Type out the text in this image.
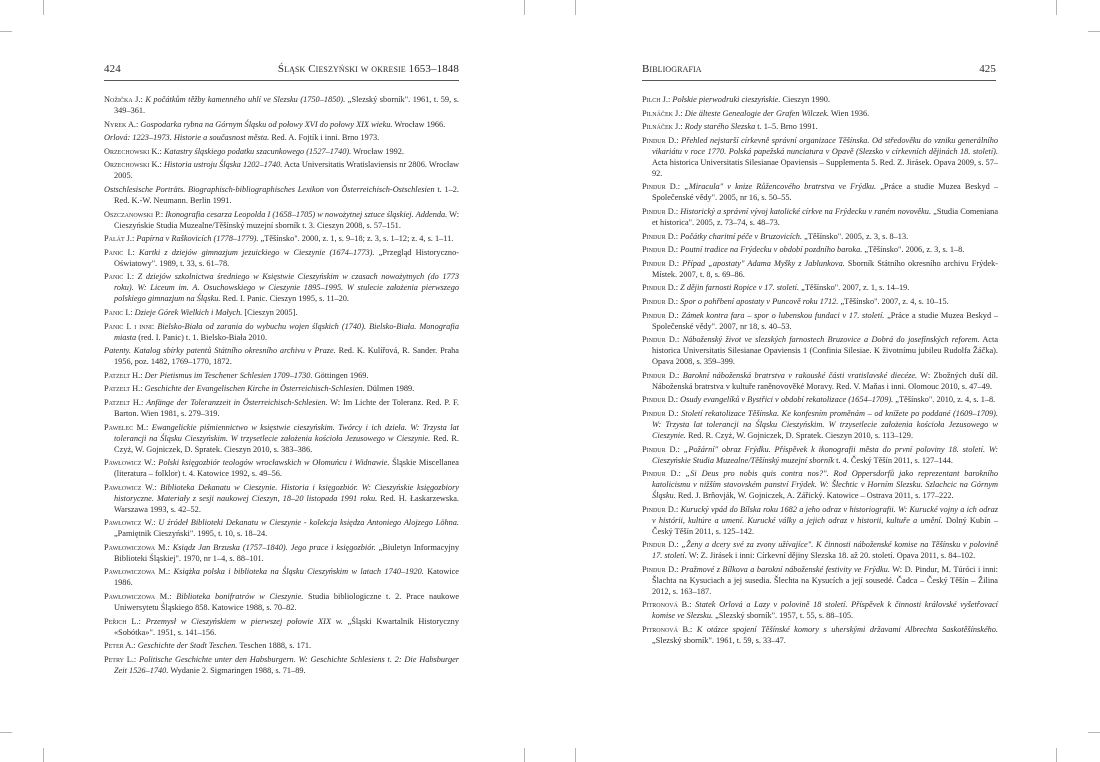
424	Śląsk Cieszyński w okresie 1653–1848

Nožička J.: K počátkům těžby kamenného uhlí ve Slezsku (1750–1850). „Slezský sborník". 1961, t. 59, s. 349–361.

Nyrek A.: Gospodarka rybna na Górnym Śląsku od połowy XVI do połowy XIX wieku. Wrocław 1966.

Orlová: 1223–1973. Historie a současnost města. Red. A. Fojtík i inni. Brno 1973.

Orzechowski K.: Katastry śląskiego podatku szacunkowego (1527–1740). Wrocław 1992.

Orzechowski K.: Historia ustroju Śląska 1202–1740. Acta Universitatis Wratislaviensis nr 2806. Wrocław 2005.

Ostschlesische Porträts. Biographisch-bibliographisches Lexikon von Österreichisch-Ostschlesien t. 1–2. Red. K.-W. Neumann. Berlin 1991.

Oszczanowski P.: Ikonografia cesarza Leopolda I (1658–1705) w nowożytnej sztuce śląskiej. Addenda. W: Cieszyńskie Studia Muzealne/Těšínský muzejní sborník t. 3. Cieszyn 2008, s. 57–151.

Palát J.: Papírna v Raškovicích (1778–1779). „Těšínsko". 2000, z. 1, s. 9–18; z. 3, s. 1–12; z. 4, s. 1–11.

Panic I.: Kartki z dziejów gimnazjum jezuickiego w Cieszynie (1674–1773). „Przegląd Historyczno-Oświatowy". 1989, t. 33, s. 61–78.

Panic I.: Z dziejów szkolnictwa średniego w Księstwie Cieszyńskim w czasach nowożytnych (do 1773 roku). W: Liceum im. A. Osuchowskiego w Cieszynie 1895–1995. W stulecie założenia pierwszego polskiego gimnazjum na Śląsku. Red. I. Panic. Cieszyn 1995, s. 11–20.

Panic I.: Dzieje Górek Wielkich i Małych. [Cieszyn 2005].

Panic I. i inni: Bielsko-Biała od zarania do wybuchu wojen śląskich (1740). Bielsko-Biała. Monografia miasta (red. I. Panic) t. 1. Bielsko-Biała 2010.

Patenty. Katalog sbírky patentů Státního okresního archivu v Praze. Red. K. Kulířová, R. Sander. Praha 1956, poz. 1482, 1769–1770, 1872.

Patzelt H.: Der Pietismus im Teschener Schlesien 1709–1730. Göttingen 1969.

Patzelt H.: Geschichte der Evangelischen Kirche in Österreichisch-Schlesien. Dülmen 1989.

Patzelt H.: Anfänge der Toleranzzeit in Österreichisch-Schlesien. W: Im Lichte der Toleranz. Red. P. F. Barton. Wien 1981, s. 279–319.

Pawelec M.: Ewangelickie piśmiennictwo w księstwie cieszyńskim. Twórcy i ich dzieła. W: Trzysta lat tolerancji na Śląsku Cieszyńskim. W trzysetlecie założenia kościoła Jezusowego w Cieszynie. Red. R. Czyż, W. Gojniczek, D. Spratek. Cieszyn 2010, s. 383–386.

Pawłowicz W.: Polski księgozbiór teologów wrocławskich w Ołomuńcu i Widnawie. Śląskie Miscellanea (literatura – folklor) t. 4. Katowice 1992, s. 49–56.

Pawłowicz W.: Biblioteka Dekanatu w Cieszynie. Historia i księgozbiór. W: Cieszyńskie księgozbiory historyczne. Materiały z sesji naukowej Cieszyn, 18–20 listopada 1991 roku. Red. H. Łaskarzewska. Warszawa 1993, s. 42–52.

Pawłowicz W.: U źródeł Biblioteki Dekanatu w Cieszynie - kolekcja księdza Antoniego Alojzego Löhna. „Pamiętnik Cieszyński". 1995, t. 10, s. 18–24.

Pawłowiczowa M.: Ksiądz Jan Brzuska (1757–1840). Jego prace i księgozbiór. „Biuletyn Informacyjny Biblioteki Śląskiej". 1970, nr 1–4, s. 88–101.

Pawłowiczowa M.: Książka polska i biblioteka na Śląsku Cieszyńskim w latach 1740–1920. Katowice 1986.

Pawłowiczowa M.: Biblioteka bonifratrów w Cieszynie. Studia bibliologiczne t. 2. Prace naukowe Uniwersytetu Śląskiego 858. Katowice 1988, s. 70–82.

Peřich L.: Przemysł w Cieszyńskiem w pierwszej połowie XIX w. „Śląski Kwartalnik Historyczny «Sobótka»". 1951, s. 141–156.

Peter A.: Geschichte der Stadt Teschen. Teschen 1888, s. 171.

Petry L.: Politische Geschichte unter den Habsburgern. W: Geschichte Schlesiens t. 2: Die Habsburger Zeit 1526–1740. Wydanie 2. Sigmaringen 1988, s. 71–89.

Bibliografia	425

Pilch J.: Polskie pierwodruki cieszyńskie. Cieszyn 1990.

Pilnáček J.: Die älteste Genealogie der Grafen Wilczek. Wien 1936.

Pilnáček J.: Rody starého Slezska t. 1–5. Brno 1991.

Pindur D.: Přehled nejstarší církevně správní organizace Těšínska. Od středověku do vzniku generálního vikariátu v roce 1770. Polská papežská nunciatura v Opavě (Slezsko v církevních dějinách 18. století). Acta historica Universitatis Silesianae Opaviensis – Supplementa 5. Red. Z. Jirásek. Opava 2009, s. 57–92.

Pindur D.: „Miracula" v knize Růžencového bratrstva ve Frýdku. „Práce a studie Muzea Beskyd – Společenské vědy". 2005, nr 16, s. 50–55.

Pindur D.: Historický a správní vývoj katolické církve na Frýdecku v raném novověku. „Studia Comeniana et historica". 2005, z. 73–74, s. 48–73.

Pindur D.: Počátky charitní péče v Bruzovicích. „Těšínsko". 2005, z. 3, s. 8–13.

Pindur D.: Poutní tradice na Frýdecku v období pozdního baroka. „Těšínsko". 2006, z. 3, s. 1–8.

Pindur D.: Případ „apostaty" Adama Myšky z Jablunkova. Sborník Státního okresního archivu Frýdek-Místek. 2007, t. 8, s. 69–86.

Pindur D.: Z dějin farnosti Ropice v 17. století. „Těšínsko". 2007, z. 1, s. 14–19.

Pindur D.: Spor o pohřbení apostaty v Puncově roku 1712. „Těšínsko". 2007, z. 4, s. 10–15.

Pindur D.: Zámek kontra fara – spor o lubenskou fundaci v 17. století. „Práce a studie Muzea Beskyd – Společenské vědy". 2007, nr 18, s. 40–53.

Pindur D.: Náboženský život ve slezských farnostech Bruzovice a Dobrá do josefínských reforem. Acta historica Universitatis Silesianae Opaviensis 1 (Confinia Silesiae. K životnímu jubileu Rudolfa Žáčka). Opava 2008, s. 359–399.

Pindur D.: Barokní náboženská bratrstva v rakouské části vratislavské diecéze. W: Zbožných duší díl. Náboženská bratrstva v kultuře raněnovověké Moravy. Red. V. Maňas i inni. Olomouc 2010, s. 47–49.

Pindur D.: Osudy evangelíků v Bystřici v období rekatolizace (1654–1709). „Těšínsko". 2010, z. 4, s. 1–8.

Pindur D.: Století rekatolizace Těšínska. Ke konfesním proměnám – od knížete po poddané (1609–1709). W: Trzysta lat tolerancji na Śląsku Cieszyńskim. W trzysetlecie założenia kościoła Jezusowego w Cieszynie. Red. R. Czyż, W. Gojniczek, D. Spratek. Cieszyn 2010, s. 113–129.

Pindur D.: „Požární" obraz Frýdku. Příspěvek k ikonografii města do první poloviny 18. století. W: Cieszyńskie Studia Muzealne/Těšínský muzejní sborník t. 4. Český Těšín 2011, s. 127–144.

Pindur D.: „Si Deus pro nobis quis contra nos?". Rod Oppersdorfů jako reprezentant barokního katolicismu v nižším stavovském panství Frýdek. W: Šlechtic v Horním Slezsku. Szlachcic na Górnym Śląsku. Red. J. Brňovják, W. Gojniczek, A. Zářický. Katowice – Ostrava 2011, s. 177–222.

Pindur D.: Kurucký vpád do Bílska roku 1682 a jeho odraz v historiografii. W: Kurucké vojny a ich odraz v histórii, kultúre a umení. Kurucké války a jejich odraz v historii, kultuře a umění. Dolný Kubín – Český Těšín 2011, s. 125–142.

Pindur D.: „Ženy a dcery své za zvony užívajíce". K činnosti náboženské komise na Těšínsku v polovině 17. století. W: Z. Jirásek i inni: Církevní dějiny Slezska 18. až 20. století. Opava 2011, s. 84–102.

Pindur D.: Pražmové z Bílkova a barokní náboženské festivity ve Frýdku. W: D. Pindur, M. Túróci i inni: Šlachta na Kysuciach a jej susedia. Šlechta na Kysucích a její sousedé. Čadca – Český Těšín – Žilina 2012, s. 163–187.

Pitronová B.: Statek Orlová a Lazy v polovině 18 století. Příspěvek k činnosti královské vyšetřovací komise ve Slezsku. „Slezský sborník". 1957, t. 55, s. 88–105.

Pitronová B.: K otázce spojení Těšínské komory s uherskými državami Albrechta Saskotěšínského. „Slezský sborník". 1961, t. 59, s. 33–47.
